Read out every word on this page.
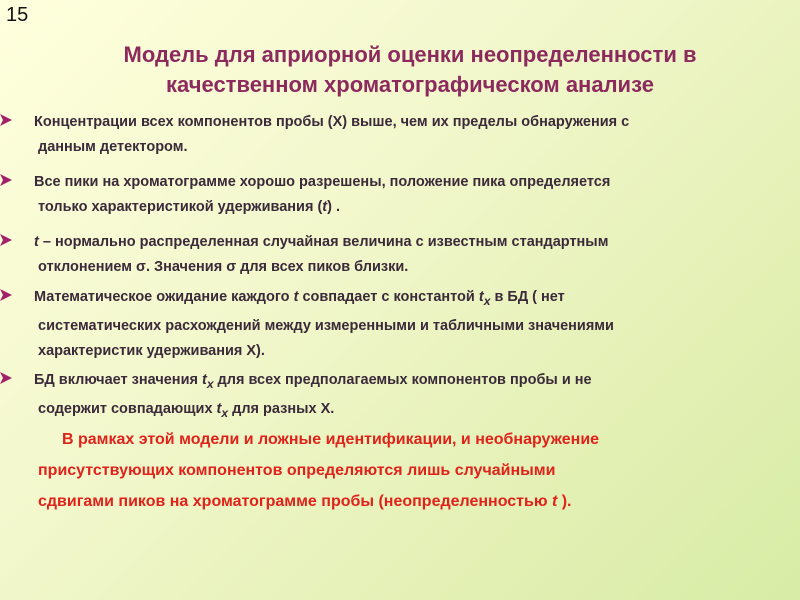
15
Модель для априорной оценки неопределенности в
качественном хроматографическом анализе

Концентрации всех компонентов пробы (X) выше, чем их пределы обнаружения с

данным детектором.

Все пики на хроматограмме хорошо разрешены, положение пика определяется

только характеристикой удерживания (t) .

t – нормально распределенная случайная величина с известным стандартным

отклонением σ. Значения σ для всех пиков близки.

Математическое ожидание каждого t совпадает с константой $t_x$ в БД ( нет

систематических расхождений между измеренными и табличными значениями

характеристик удерживания X).

БД включает значения $t_x$ для всех предполагаемых компонентов пробы и не

содержит совпадающих $t_x$ для разных X.

В рамках этой модели и ложные идентификации, и необнаружение

присутствующих компонентов определяются лишь случайными

сдвигами пиков на хроматограмме пробы (неопределенностью t ).
